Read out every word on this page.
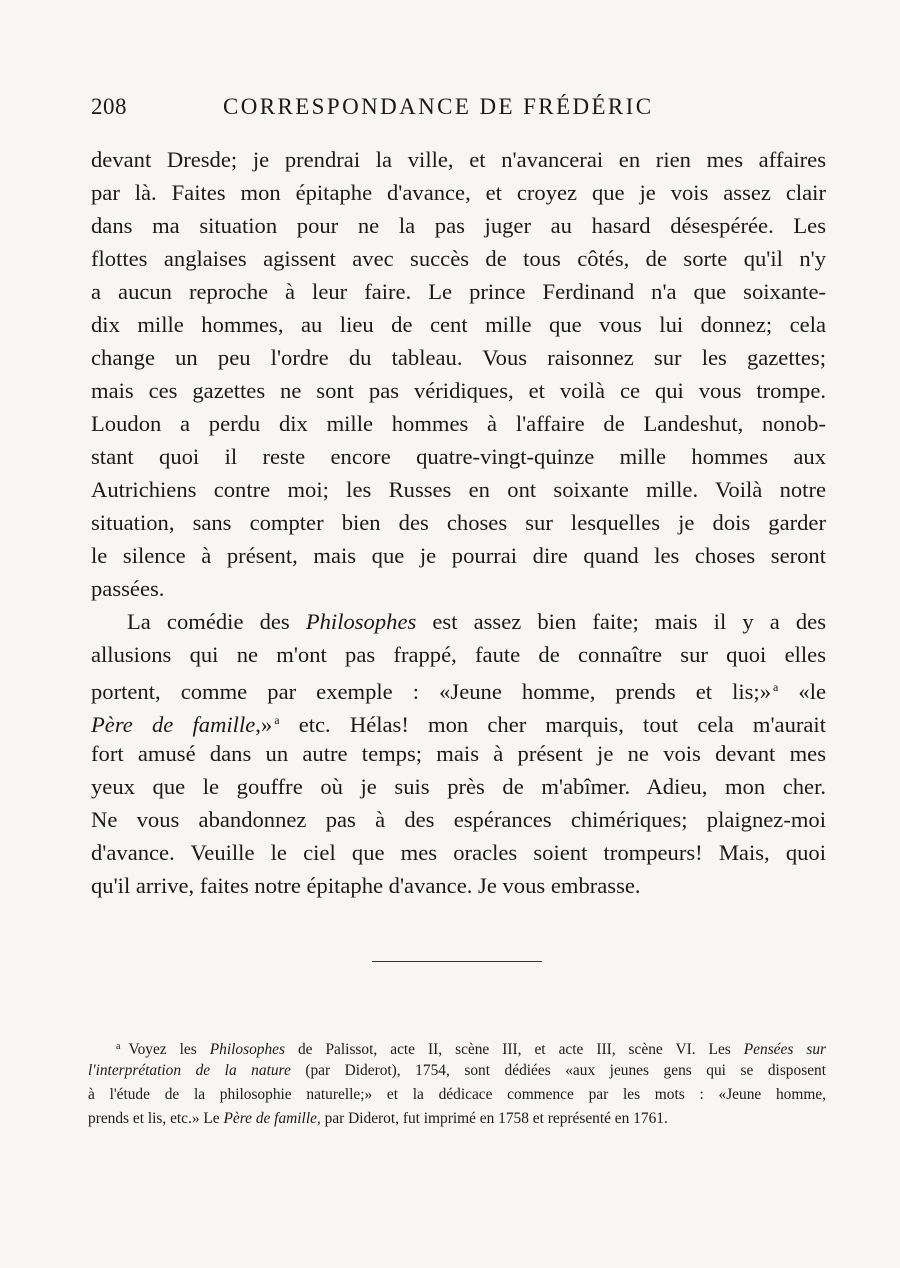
208	CORRESPONDANCE DE FRÉDÉRIC
devant Dresde; je prendrai la ville, et n'avancerai en rien mes affaires
par là. Faites mon épitaphe d'avance, et croyez que je vois assez clair
dans ma situation pour ne la pas juger au hasard désespérée. Les
flottes anglaises agissent avec succès de tous côtés, de sorte qu'il n'y
a aucun reproche à leur faire. Le prince Ferdinand n'a que soixante-
dix mille hommes, au lieu de cent mille que vous lui donnez; cela
change un peu l'ordre du tableau. Vous raisonnez sur les gazettes;
mais ces gazettes ne sont pas véridiques, et voilà ce qui vous trompe.
Loudon a perdu dix mille hommes à l'affaire de Landeshut, nonob-
stant quoi il reste encore quatre-vingt-quinze mille hommes aux
Autrichiens contre moi; les Russes en ont soixante mille. Voilà notre
situation, sans compter bien des choses sur lesquelles je dois garder
le silence à présent, mais que je pourrai dire quand les choses seront
passées.
La comédie des Philosophes est assez bien faite; mais il y a des
allusions qui ne m'ont pas frappé, faute de connaître sur quoi elles
portent, comme par exemple : «Jeune homme, prends et lis;» $^a$ «le
Père de famille,» $^a$ etc. Hélas! mon cher marquis, tout cela m'aurait
fort amusé dans un autre temps; mais à présent je ne vois devant mes
yeux que le gouffre où je suis près de m'abîmer. Adieu, mon cher.
Ne vous abandonnez pas à des espérances chimériques; plaignez-moi
d'avance. Veuille le ciel que mes oracles soient trompeurs! Mais, quoi
qu'il arrive, faites notre épitaphe d'avance. Je vous embrasse.
$^a$ Voyez les Philosophes de Palissot, acte II, scène III, et acte III, scène VI. Les Pensées sur
l'interprétation de la nature (par Diderot), 1754, sont dédiées «aux jeunes gens qui se disposent
à l'étude de la philosophie naturelle;» et la dédicace commence par les mots : «Jeune homme,
prends et lis, etc.» Le Père de famille, par Diderot, fut imprimé en 1758 et représenté en 1761.
